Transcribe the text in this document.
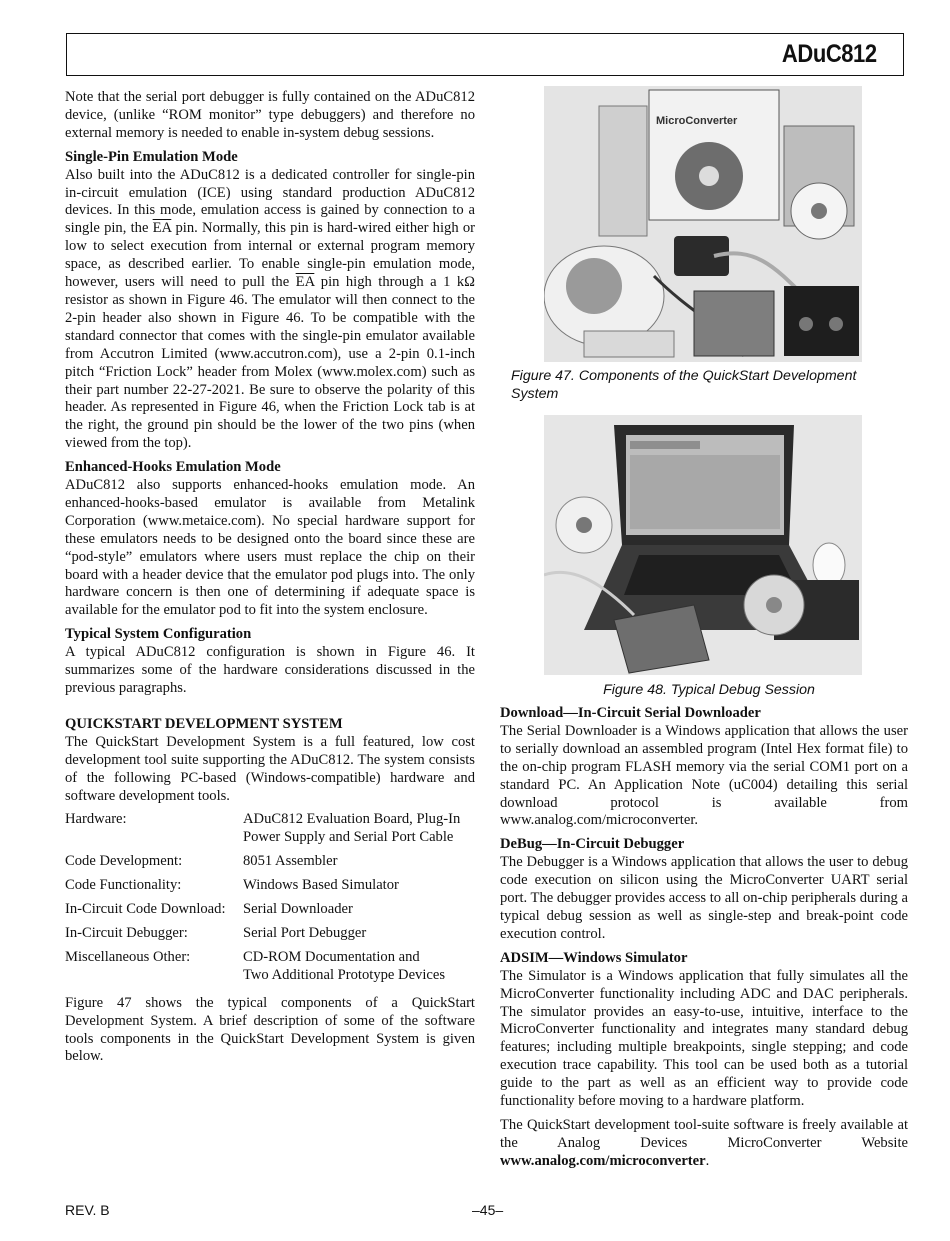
ADuC812

Note that the serial port debugger is fully contained on the ADuC812 device, (unlike “ROM monitor” type debuggers) and therefore no external memory is needed to enable in-system debug sessions.

Single-Pin Emulation Mode

Also built into the ADuC812 is a dedicated controller for single-pin in-circuit emulation (ICE) using standard production ADuC812 devices. In this mode, emulation access is gained by connection to a single pin, the $\overline{EA}$ pin. Normally, this pin is hard-wired either high or low to select execution from internal or external program memory space, as described earlier. To enable single-pin emulation mode, however, users will need to pull the $\overline{EA}$ pin high through a 1 kΩ resistor as shown in Figure 46. The emulator will then connect to the 2-pin header also shown in Figure 46. To be compatible with the standard connector that comes with the single-pin emulator available from Accutron Limited (www.accutron.com), use a 2-pin 0.1-inch pitch “Friction Lock” header from Molex (www.molex.com) such as their part number 22-27-2021. Be sure to observe the polarity of this header. As represented in Figure 46, when the Friction Lock tab is at the right, the ground pin should be the lower of the two pins (when viewed from the top).

Enhanced-Hooks Emulation Mode

ADuC812 also supports enhanced-hooks emulation mode. An enhanced-hooks-based emulator is available from Metalink Corporation (www.metaice.com). No special hardware support for these emulators needs to be designed onto the board since these are “pod-style” emulators where users must replace the chip on their board with a header device that the emulator pod plugs into. The only hardware concern is then one of determining if adequate space is available for the emulator pod to fit into the system enclosure.

Typical System Configuration

A typical ADuC812 configuration is shown in Figure 46. It summarizes some of the hardware considerations discussed in the previous paragraphs.

QUICKSTART DEVELOPMENT SYSTEM

The QuickStart Development System is a full featured, low cost development tool suite supporting the ADuC812. The system consists of the following PC-based (Windows-compatible) hardware and software development tools.

Hardware:	ADuC812 Evaluation Board, Plug-In
Power Supply and Serial Port Cable
Code Development:	8051 Assembler
Code Functionality:	Windows Based Simulator
In-Circuit Code Download:	Serial Downloader
In-Circuit Debugger:	Serial Port Debugger
Miscellaneous Other:	CD-ROM Documentation and
Two Additional Prototype Devices

Figure 47 shows the typical components of a QuickStart Development System. A brief description of some of the software tools components in the QuickStart Development System is given below.

MicroConverter
Figure 47. Components of the QuickStart Development System
Figure 48. Typical Debug Session
Download—In-Circuit Serial Downloader

The Serial Downloader is a Windows application that allows the user to serially download an assembled program (Intel Hex format file) to the on-chip program FLASH memory via the serial COM1 port on a standard PC. An Application Note (uC004) detailing this serial download protocol is available from www.analog.com/microconverter.

DeBug—In-Circuit Debugger

The Debugger is a Windows application that allows the user to debug code execution on silicon using the MicroConverter UART serial port. The debugger provides access to all on-chip peripherals during a typical debug session as well as single-step and break-point code execution control.

ADSIM—Windows Simulator

The Simulator is a Windows application that fully simulates all the MicroConverter functionality including ADC and DAC peripherals. The simulator provides an easy-to-use, intuitive, interface to the MicroConverter functionality and integrates many standard debug features; including multiple breakpoints, single stepping; and code execution trace capability. This tool can be used both as a tutorial guide to the part as well as an efficient way to provide code functionality before moving to a hardware platform.

The QuickStart development tool-suite software is freely available at the Analog Devices MicroConverter Website www.analog.com/microconverter.

REV. B	–45–
